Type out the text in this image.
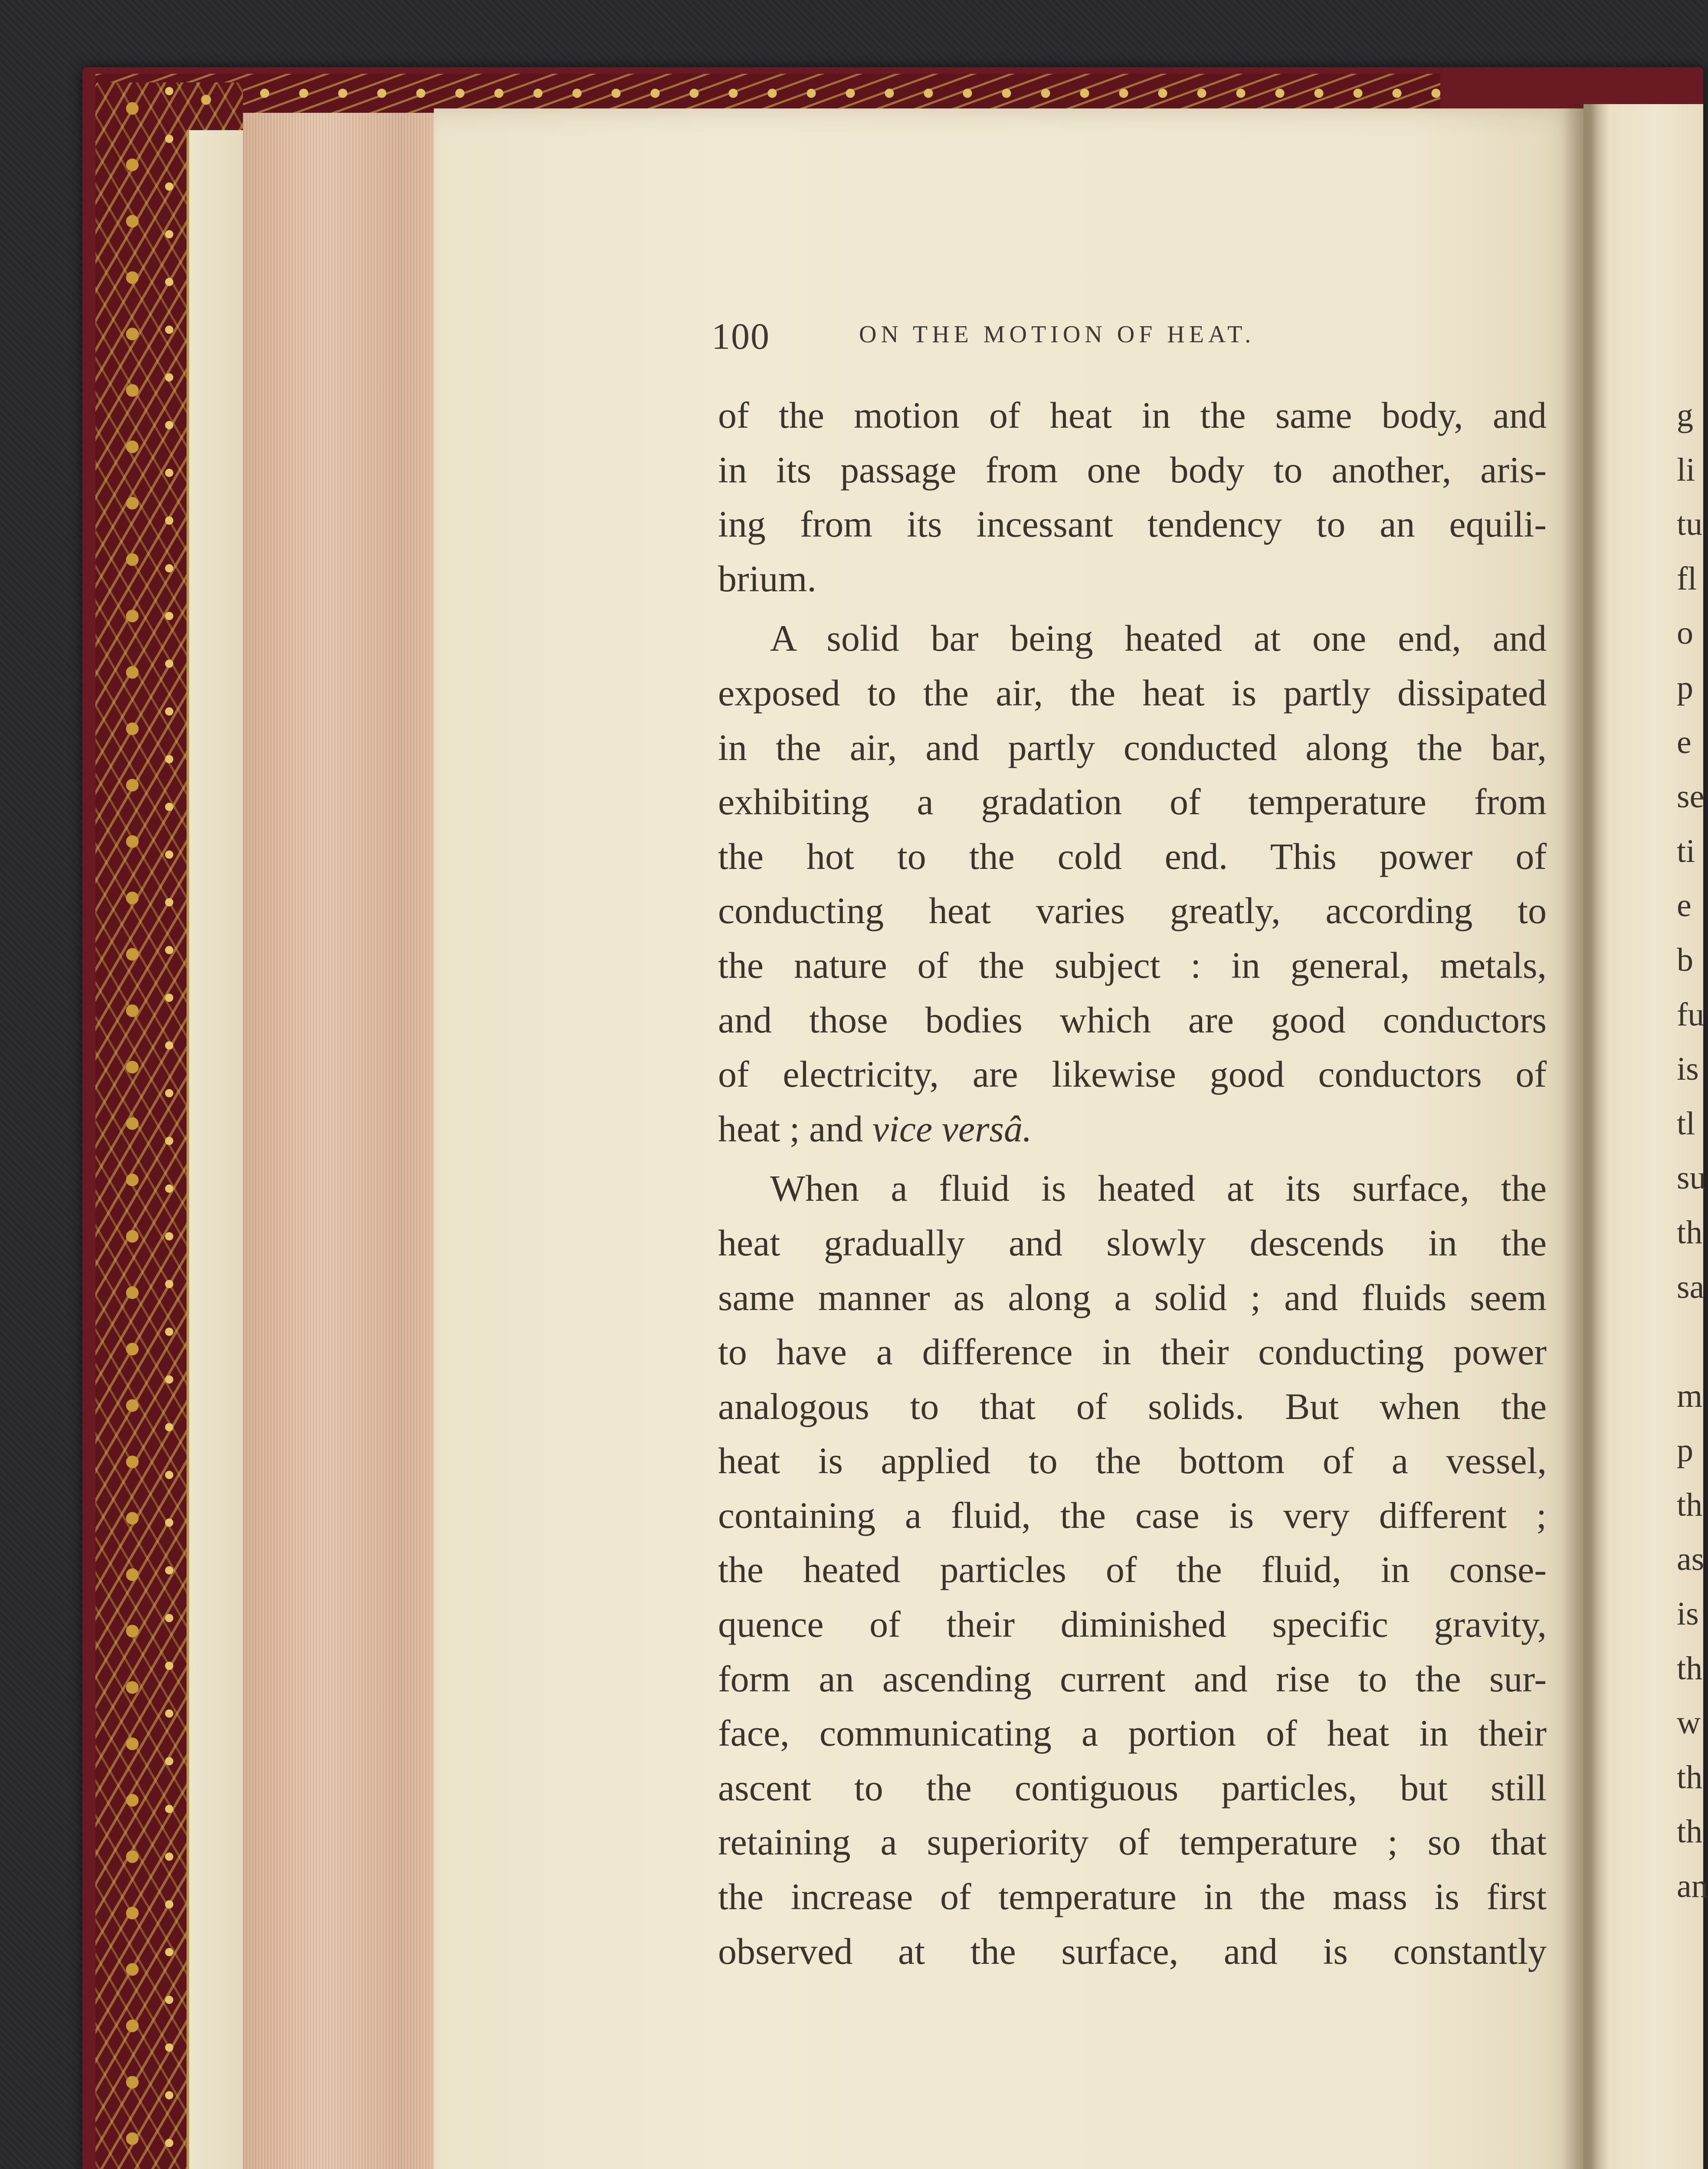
100	ON THE MOTION OF HEAT.
of the motion of heat in the same body, and
in its passage from one body to another, aris-
ing from its incessant tendency to an equili-
brium.
A solid bar being heated at one end, and
exposed to the air, the heat is partly dissipated
in the air, and partly conducted along the bar,
exhibiting a gradation of temperature from
the hot to the cold end. This power of
conducting heat varies greatly, according to
the nature of the subject : in general, metals,
and those bodies which are good conductors
of electricity, are likewise good conductors of
heat ; and vice versâ.
When a fluid is heated at its surface, the
heat gradually and slowly descends in the
same manner as along a solid ; and fluids seem
to have a difference in their conducting power
analogous to that of solids. But when the
heat is applied to the bottom of a vessel,
containing a fluid, the case is very different ;
the heated particles of the fluid, in conse-
quence of their diminished specific gravity,
form an ascending current and rise to the sur-
face, communicating a portion of heat in their
ascent to the contiguous particles, but still
retaining a superiority of temperature ; so that
the increase of temperature in the mass is first
observed at the surface, and is constantly
g
li
tu
fl
o
p
e
se
ti
e
b
fu
is
tl
su
th
sa
m
p
th
as
is
th
w
th
th
an
